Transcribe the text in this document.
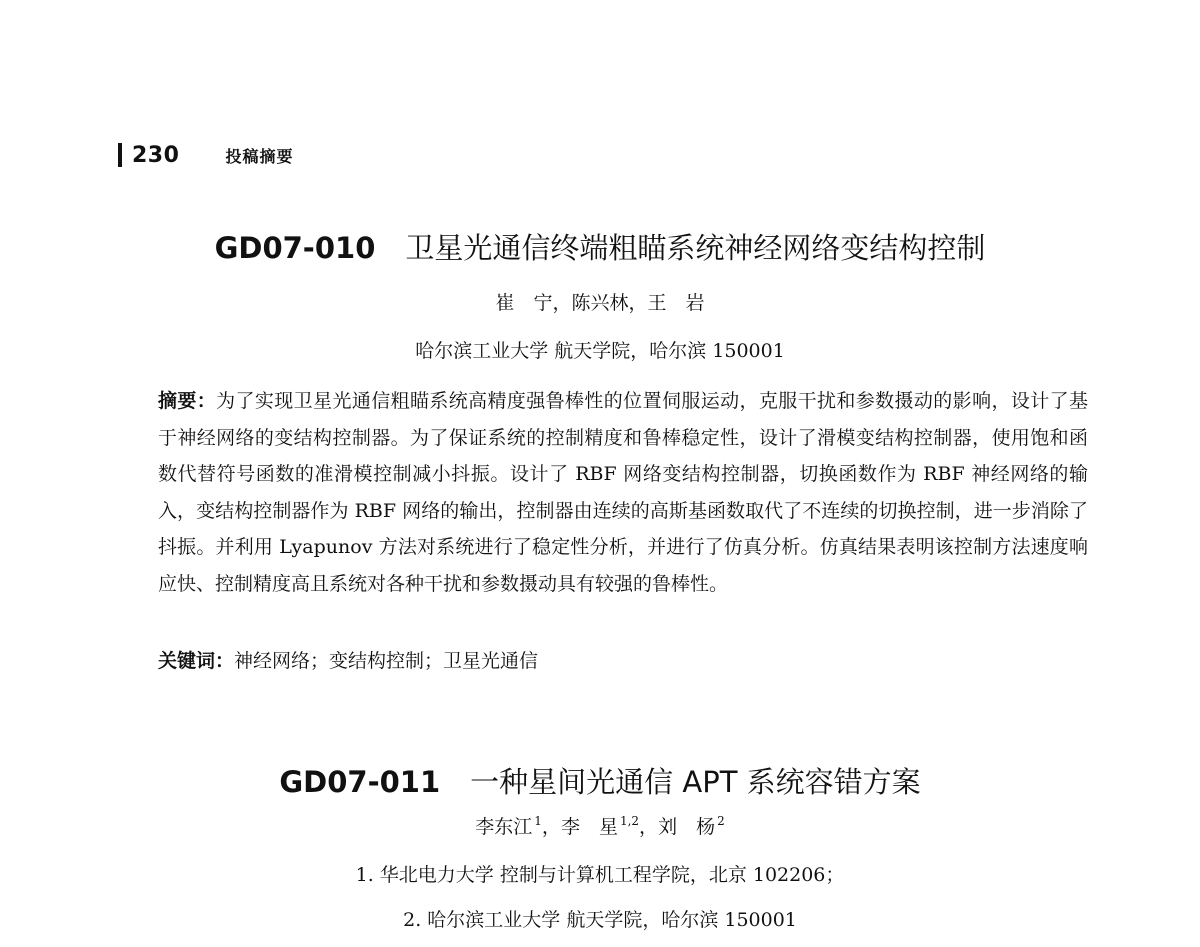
230	投稿摘要
GD07-010 卫星光通信终端粗瞄系统神经网络变结构控制
崔　宁，陈兴林，王　岩
哈尔滨工业大学 航天学院，哈尔滨 150001
摘要：为了实现卫星光通信粗瞄系统高精度强鲁棒性的位置伺服运动，克服干扰和参数摄动的影响，设计了基于神经网络的变结构控制器。为了保证系统的控制精度和鲁棒稳定性，设计了滑模变结构控制器，使用饱和函数代替符号函数的准滑模控制减小抖振。设计了 RBF 网络变结构控制器，切换函数作为 RBF 神经网络的输入，变结构控制器作为 RBF 网络的输出，控制器由连续的高斯基函数取代了不连续的切换控制，进一步消除了抖振。并利用 Lyapunov 方法对系统进行了稳定性分析，并进行了仿真分析。仿真结果表明该控制方法速度响应快、控制精度高且系统对各种干扰和参数摄动具有较强的鲁棒性。
关键词：神经网络；变结构控制；卫星光通信
GD07-011 一种星间光通信 APT 系统容错方案
李东江 $^1$，李　星 $^{1,2}$，刘　杨 $^2$
1. 华北电力大学 控制与计算机工程学院，北京 102206；
2. 哈尔滨工业大学 航天学院，哈尔滨 150001
